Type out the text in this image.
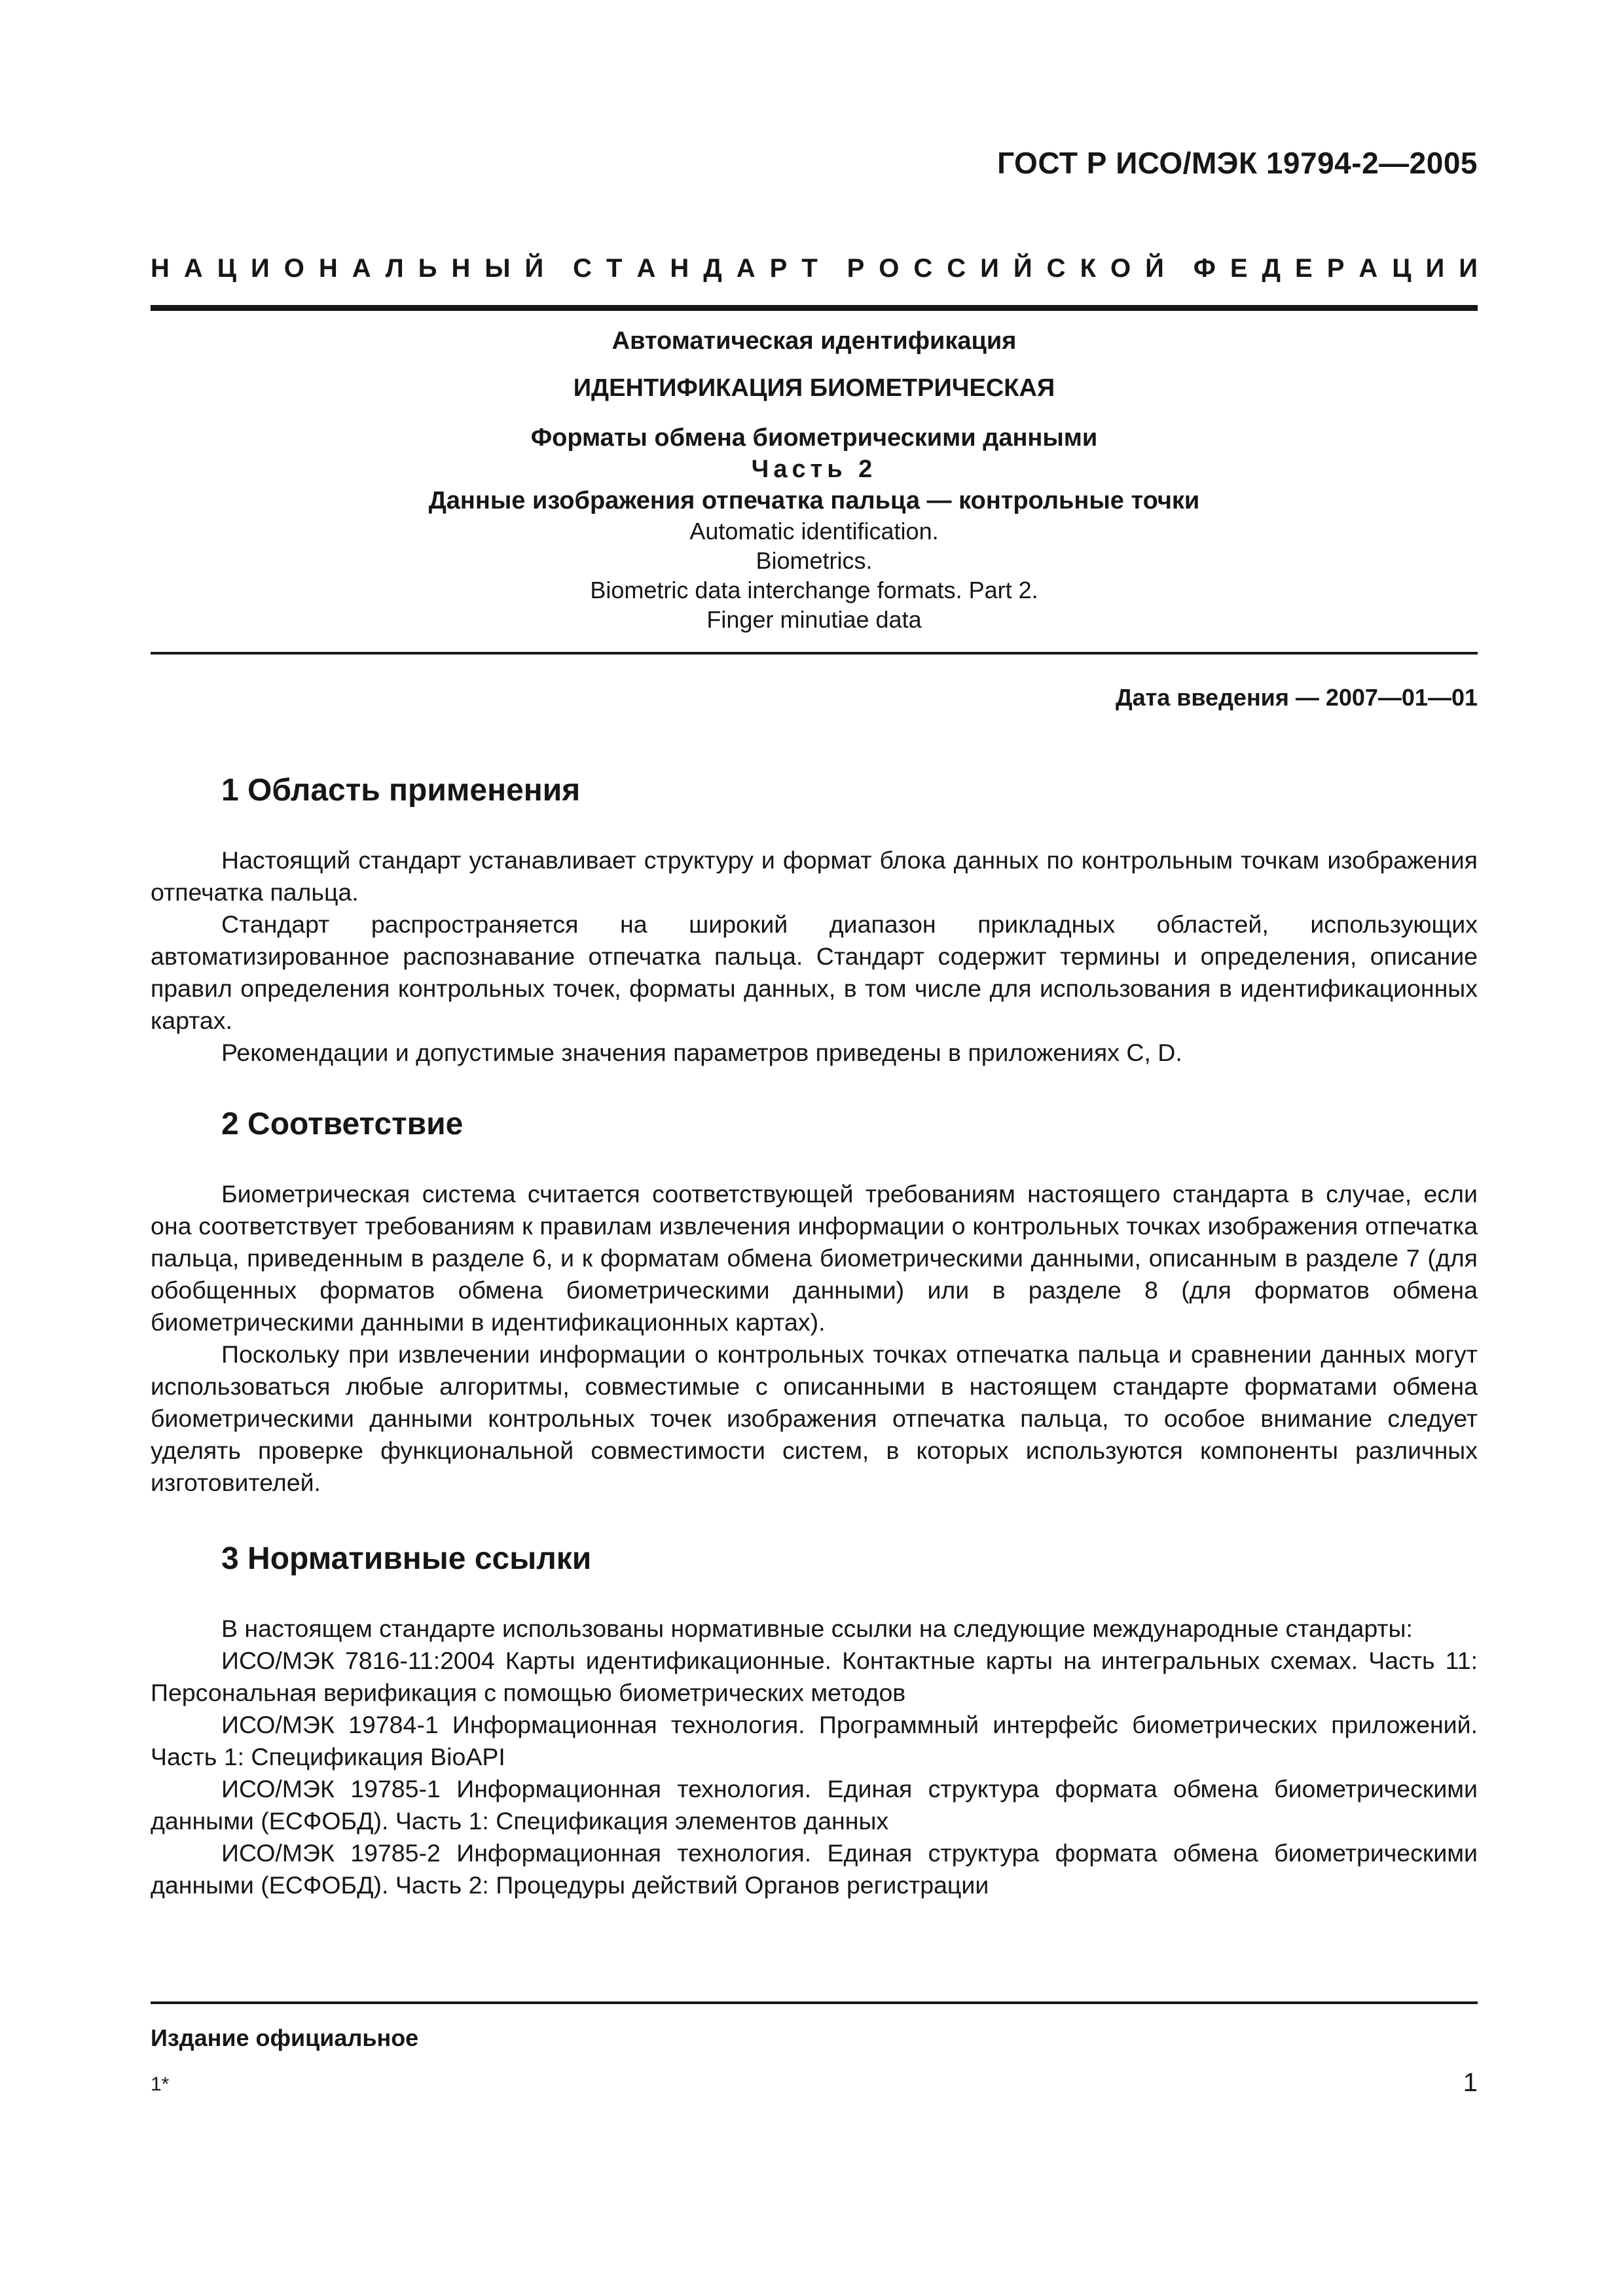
ГОСТ Р ИСО/МЭК 19794-2—2005
Н А Ц И О Н А Л Ь Н Ы Й С Т А Н Д А Р Т Р О С С И Й С К О Й Ф Е Д Е Р А Ц И И
Автоматическая идентификация
ИДЕНТИФИКАЦИЯ БИОМЕТРИЧЕСКАЯ
Форматы обмена биометрическими данными
Часть 2
Данные изображения отпечатка пальца — контрольные точки
Automatic identification.
Biometrics.
Biometric data interchange formats. Part 2.
Finger minutiae data
Дата введения — 2007—01—01
1 Область применения

Настоящий стандарт устанавливает структуру и формат блока данных по контрольным точкам изображения отпечатка пальца.

Стандарт распространяется на широкий диапазон прикладных областей, использующих автоматизированное распознавание отпечатка пальца. Стандарт содержит термины и определения, описание правил определения контрольных точек, форматы данных, в том числе для использования в идентификационных картах.

Рекомендации и допустимые значения параметров приведены в приложениях C, D.

2 Соответствие

Биометрическая система считается соответствующей требованиям настоящего стандарта в случае, если она соответствует требованиям к правилам извлечения информации о контрольных точках изображения отпечатка пальца, приведенным в разделе 6, и к форматам обмена биометрическими данными, описанным в разделе 7 (для обобщенных форматов обмена биометрическими данными) или в разделе 8 (для форматов обмена биометрическими данными в идентификационных картах).

Поскольку при извлечении информации о контрольных точках отпечатка пальца и сравнении данных могут использоваться любые алгоритмы, совместимые с описанными в настоящем стандарте форматами обмена биометрическими данными контрольных точек изображения отпечатка пальца, то особое внимание следует уделять проверке функциональной совместимости систем, в которых используются компоненты различных изготовителей.

3 Нормативные ссылки

В настоящем стандарте использованы нормативные ссылки на следующие международные стандарты:

ИСО/МЭК 7816-11:2004 Карты идентификационные. Контактные карты на интегральных схемах. Часть 11: Персональная верификация с помощью биометрических методов

ИСО/МЭК 19784-1 Информационная технология. Программный интерфейс биометрических приложений. Часть 1: Спецификация BioAPI

ИСО/МЭК 19785-1 Информационная технология. Единая структура формата обмена биометрическими данными (ЕСФОБД). Часть 1: Спецификация элементов данных

ИСО/МЭК 19785-2 Информационная технология. Единая структура формата обмена биометрическими данными (ЕСФОБД). Часть 2: Процедуры действий Органов регистрации

Издание официальное
1*	1
